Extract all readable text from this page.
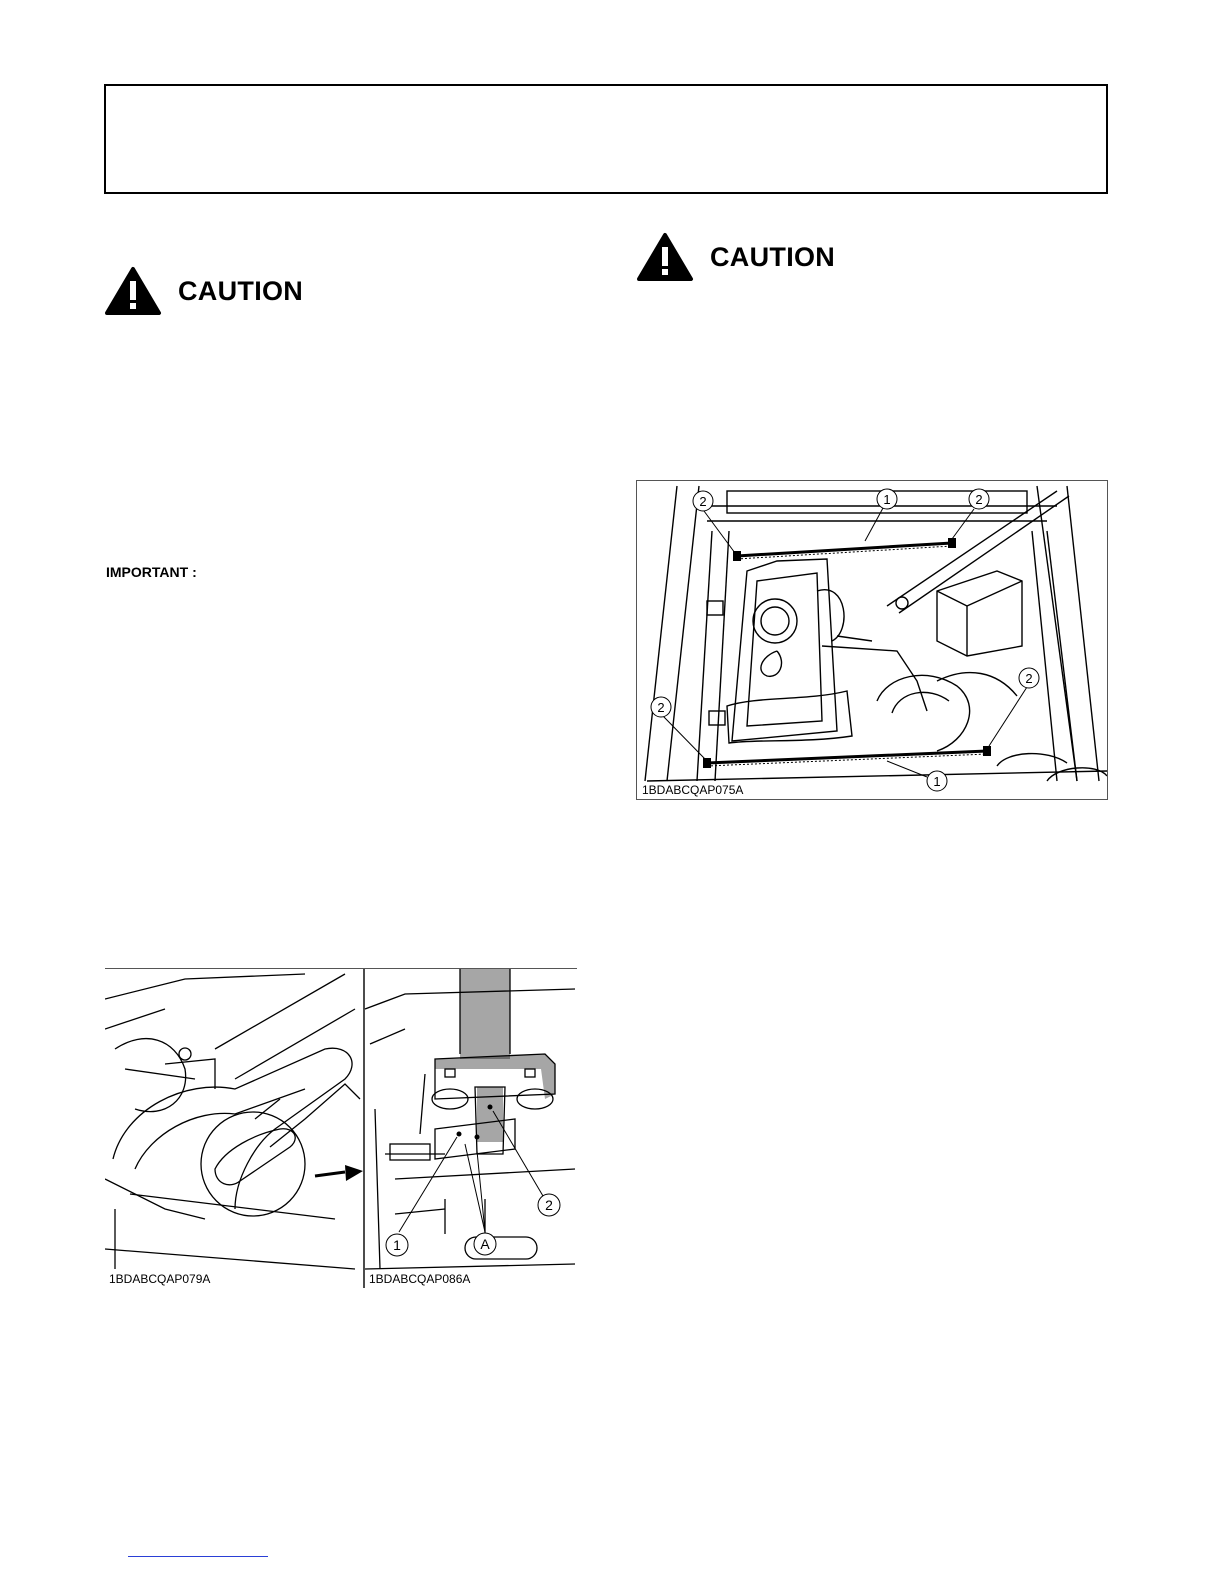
CAUTION
CAUTION
IMPORTANT :
1
2	2
2
2
1
1BDABCQAP075A
1	A
2
1BDABCQAP079A	1BDABCQAP086A
